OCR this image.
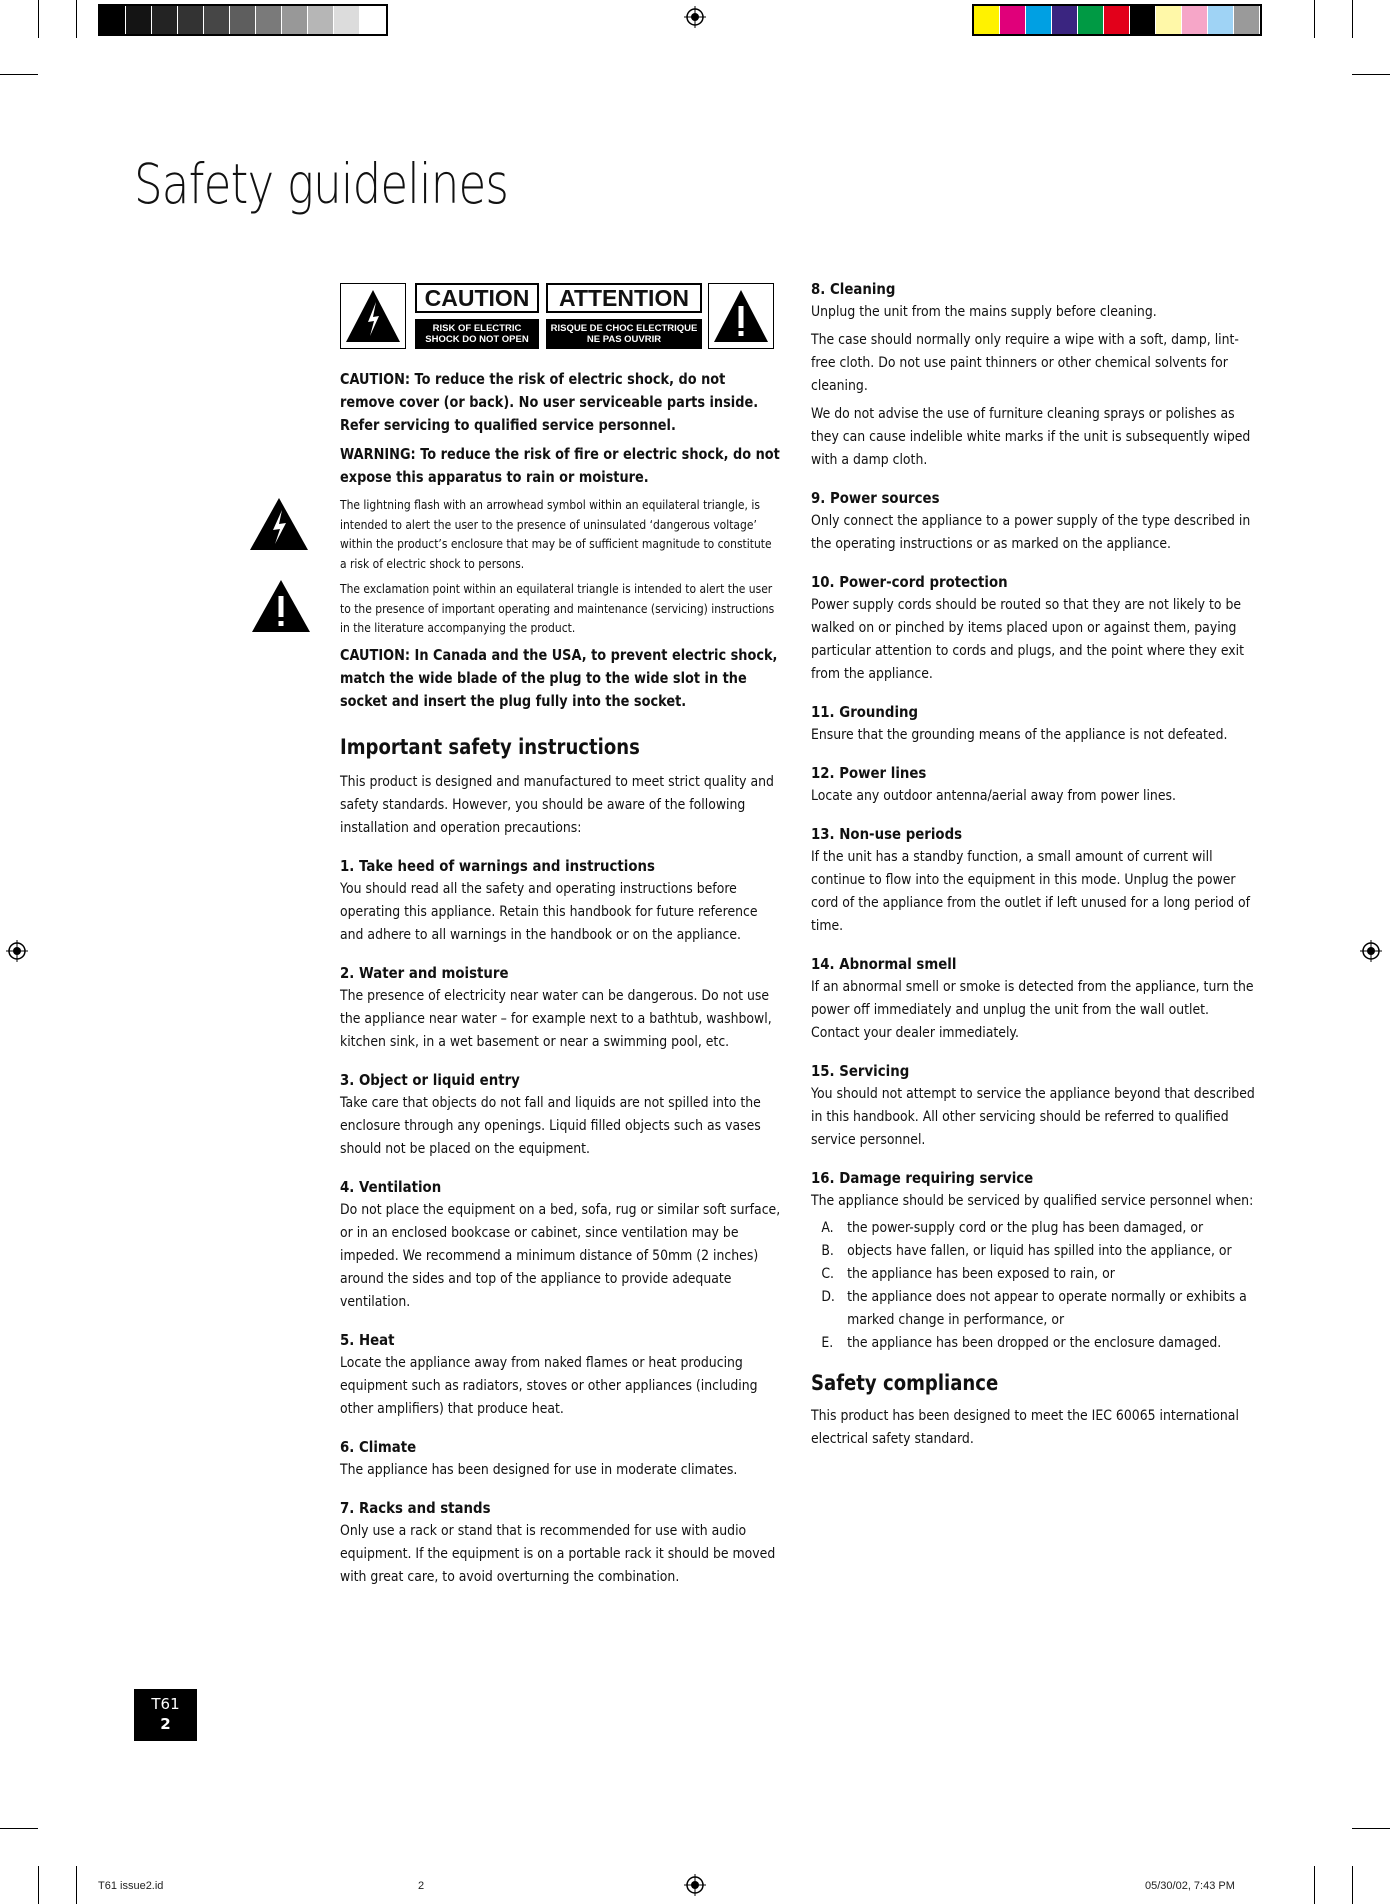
Safety guidelines
CAUTION
RISK OF ELECTRIC
SHOCK DO NOT OPEN
ATTENTION
RISQUE DE CHOC ELECTRIQUE
NE PAS OUVRIR

CAUTION: To reduce the risk of electric shock, do not remove cover (or back). No user serviceable parts inside. Refer servicing to qualified service personnel.

WARNING: To reduce the risk of fire or electric shock, do not expose this apparatus to rain or moisture.

The lightning flash with an arrowhead symbol within an equilateral triangle, is intended to alert the user to the presence of uninsulated ‘dangerous voltage’ within the product’s enclosure that may be of sufficient magnitude to constitute a risk of electric shock to persons.

The exclamation point within an equilateral triangle is intended to alert the user to the presence of important operating and maintenance (servicing) instructions in the literature accompanying the product.

CAUTION: In Canada and the USA, to prevent electric shock, match the wide blade of the plug to the wide slot in the socket and insert the plug fully into the socket.

Important safety instructions

This product is designed and manufactured to meet strict quality and safety standards. However, you should be aware of the following installation and operation precautions:

1. Take heed of warnings and instructions

You should read all the safety and operating instructions before operating this appliance. Retain this handbook for future reference and adhere to all warnings in the handbook or on the appliance.

2. Water and moisture

The presence of electricity near water can be dangerous. Do not use the appliance near water – for example next to a bathtub, washbowl, kitchen sink, in a wet basement or near a swimming pool, etc.

3. Object or liquid entry

Take care that objects do not fall and liquids are not spilled into the enclosure through any openings. Liquid filled objects such as vases should not be placed on the equipment.

4. Ventilation

Do not place the equipment on a bed, sofa, rug or similar soft surface, or in an enclosed bookcase or cabinet, since ventilation may be impeded. We recommend a minimum distance of 50mm (2 inches) around the sides and top of the appliance to provide adequate ventilation.

5. Heat

Locate the appliance away from naked flames or heat producing equipment such as radiators, stoves or other appliances (including other amplifiers) that produce heat.

6. Climate

The appliance has been designed for use in moderate climates.

7. Racks and stands

Only use a rack or stand that is recommended for use with audio equipment. If the equipment is on a portable rack it should be moved with great care, to avoid overturning the combination.

8. Cleaning

Unplug the unit from the mains supply before cleaning.

The case should normally only require a wipe with a soft, damp, lint-free cloth. Do not use paint thinners or other chemical solvents for cleaning.

We do not advise the use of furniture cleaning sprays or polishes as they can cause indelible white marks if the unit is subsequently wiped with a damp cloth.

9. Power sources

Only connect the appliance to a power supply of the type described in the operating instructions or as marked on the appliance.

10. Power-cord protection

Power supply cords should be routed so that they are not likely to be walked on or pinched by items placed upon or against them, paying particular attention to cords and plugs, and the point where they exit from the appliance.

11. Grounding

Ensure that the grounding means of the appliance is not defeated.

12. Power lines

Locate any outdoor antenna/aerial away from power lines.

13. Non-use periods

If the unit has a standby function, a small amount of current will continue to flow into the equipment in this mode. Unplug the power cord of the appliance from the outlet if left unused for a long period of time.

14. Abnormal smell

If an abnormal smell or smoke is detected from the appliance, turn the power off immediately and unplug the unit from the wall outlet. Contact your dealer immediately.

15. Servicing

You should not attempt to service the appliance beyond that described in this handbook. All other servicing should be referred to qualified service personnel.

16. Damage requiring service

The appliance should be serviced by qualified service personnel when:

A. the power-supply cord or the plug has been damaged, or
B. objects have fallen, or liquid has spilled into the appliance, or
C. the appliance has been exposed to rain, or
D. the appliance does not appear to operate normally or exhibits a marked change in performance, or
E. the appliance has been dropped or the enclosure damaged.
Safety compliance

This product has been designed to meet the IEC 60065 international electrical safety standard.

T61
2
T61 issue2.id	2	05/30/02, 7:43 PM
